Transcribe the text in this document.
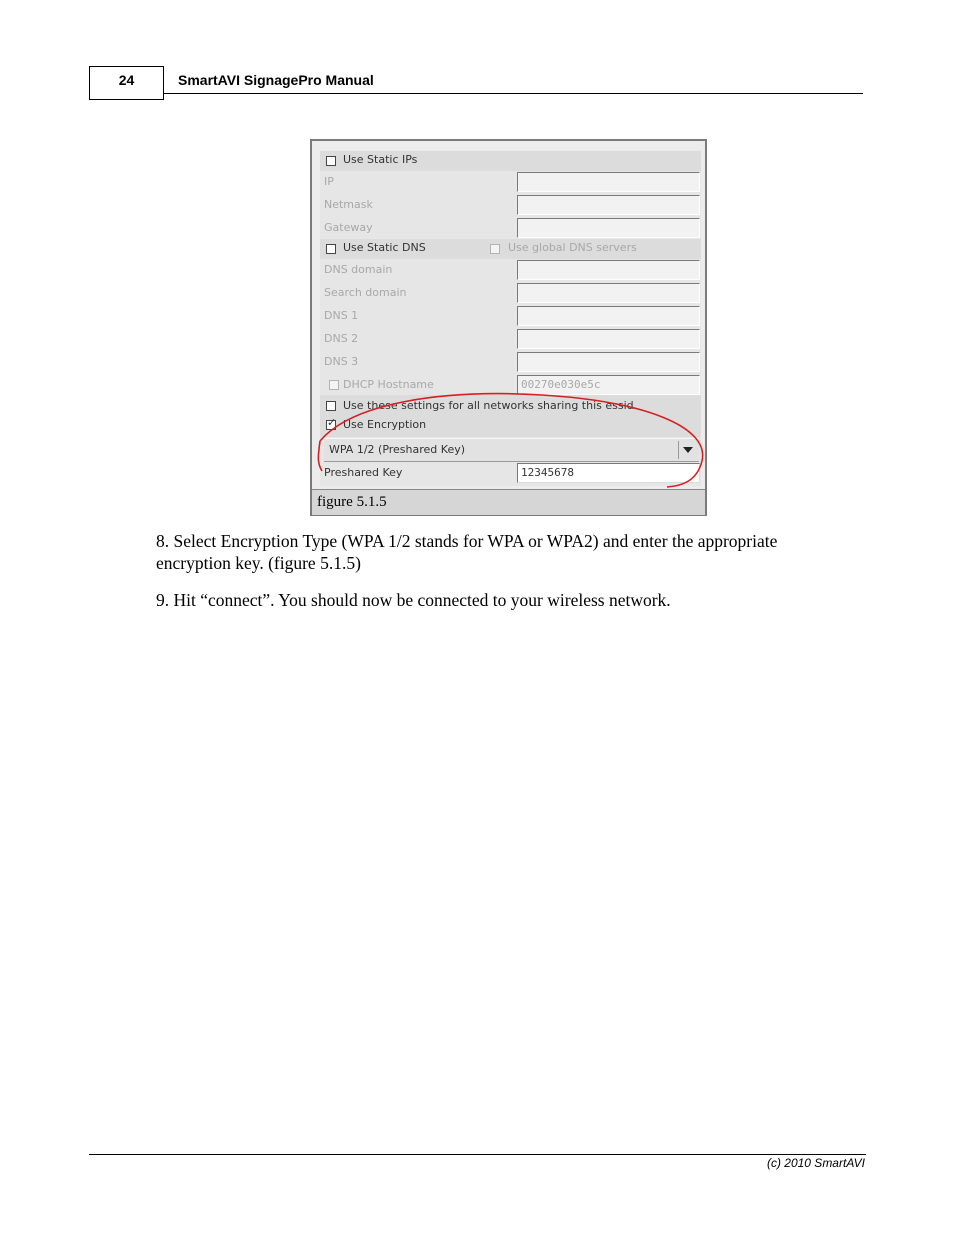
24	SmartAVI SignagePro Manual
Use Static IPs
IP
Netmask
Gateway
Use Static DNS	Use global DNS servers
DNS domain
Search domain
DNS 1
DNS 2
DNS 3
DHCP Hostname	00270e030e5c
Use these settings for all networks sharing this essid
✓ Use Encryption
WPA 1/2 (Preshared Key)
Preshared Key	12345678
figure 5.1.5
8. Select Encryption Type (WPA 1/2 stands for WPA or WPA2) and enter the appropriate encryption key. (figure 5.1.5)
9. Hit “connect”. You should now be connected to your wireless network.
(c) 2010 SmartAVI
